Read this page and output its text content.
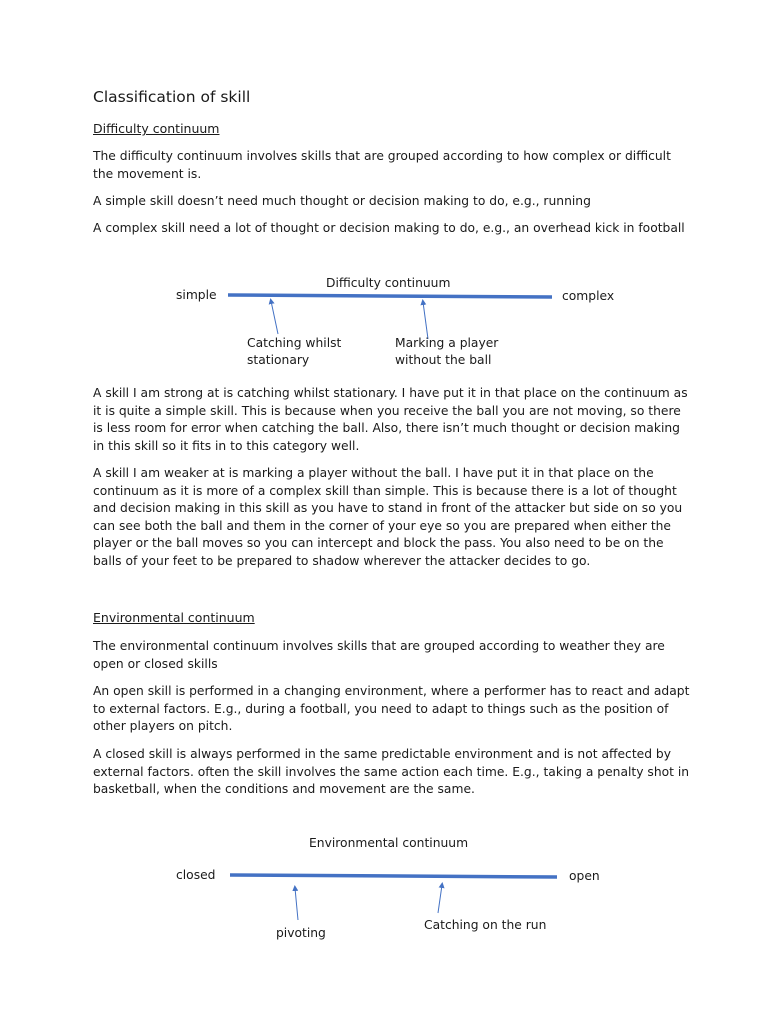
Classification of skill
Difficulty continuum

The difficulty continuum involves skills that are grouped according to how complex or difficult the movement is.

A simple skill doesn’t need much thought or decision making to do, e.g., running

A complex skill need a lot of thought or decision making to do, e.g., an overhead kick in football

Difficulty continuum
simple	complex
Catching whilst
stationary
Marking a player
without the ball

A skill I am strong at is catching whilst stationary. I have put it in that place on the continuum as it is quite a simple skill. This is because when you receive the ball you are not moving, so there is less room for error when catching the ball. Also, there isn’t much thought or decision making in this skill so it fits in to this category well.

A skill I am weaker at is marking a player without the ball. I have put it in that place on the continuum as it is more of a complex skill than simple. This is because there is a lot of thought and decision making in this skill as you have to stand in front of the attacker but side on so you can see both the ball and them in the corner of your eye so you are prepared when either the player or the ball moves so you can intercept and block the pass. You also need to be on the balls of your feet to be prepared to shadow wherever the attacker decides to go.

Environmental continuum

The environmental continuum involves skills that are grouped according to weather they are open or closed skills

An open skill is performed in a changing environment, where a performer has to react and adapt to external factors. E.g., during a football, you need to adapt to things such as the position of other players on pitch.

A closed skill is always performed in the same predictable environment and is not affected by external factors. often the skill involves the same action each time. E.g., taking a penalty shot in basketball, when the conditions and movement are the same.

Environmental continuum
closed	open
pivoting
Catching on the run
